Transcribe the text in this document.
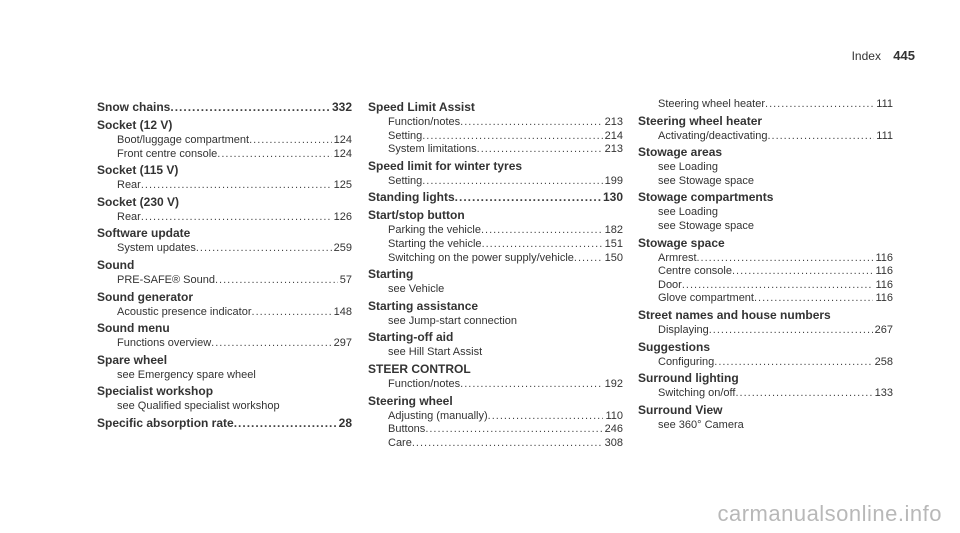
Index 445
Snow chains .....	332
Socket (12 V)
Boot/luggage compartment .....	124
Front centre console .....	124
Socket (115 V)
Rear .....	125
Socket (230 V)
Rear .....	126
Software update
System updates .....	259
Sound
PRE-SAFE® Sound .....	57
Sound generator
Acoustic presence indicator .....	148
Sound menu
Functions overview .....	297
Spare wheel
see Emergency spare wheel
Specialist workshop
see Qualified specialist workshop
Specific absorption rate .....	28
Speed Limit Assist
Function/notes .....	213
Setting .....	214
System limitations .....	213
Speed limit for winter tyres
Setting .....	199
Standing lights .....	130
Start/stop button
Parking the vehicle .....	182
Starting the vehicle .....	151
Switching on the power supply/vehicle .....	150
Starting
see Vehicle
Starting assistance
see Jump-start connection
Starting-off aid
see Hill Start Assist
STEER CONTROL
Function/notes .....	192
Steering wheel
Adjusting (manually) .....	110
Buttons .....	246
Care .....	308
Steering wheel heater .....	111
Steering wheel heater
Activating/deactivating .....	111
Stowage areas
see Loading
see Stowage space
Stowage compartments
see Loading
see Stowage space
Stowage space
Armrest .....	116
Centre console .....	116
Door .....	116
Glove compartment .....	116
Street names and house numbers
Displaying .....	267
Suggestions
Configuring .....	258
Surround lighting
Switching on/off .....	133
Surround View
see 360° Camera
carmanualsonline.info
